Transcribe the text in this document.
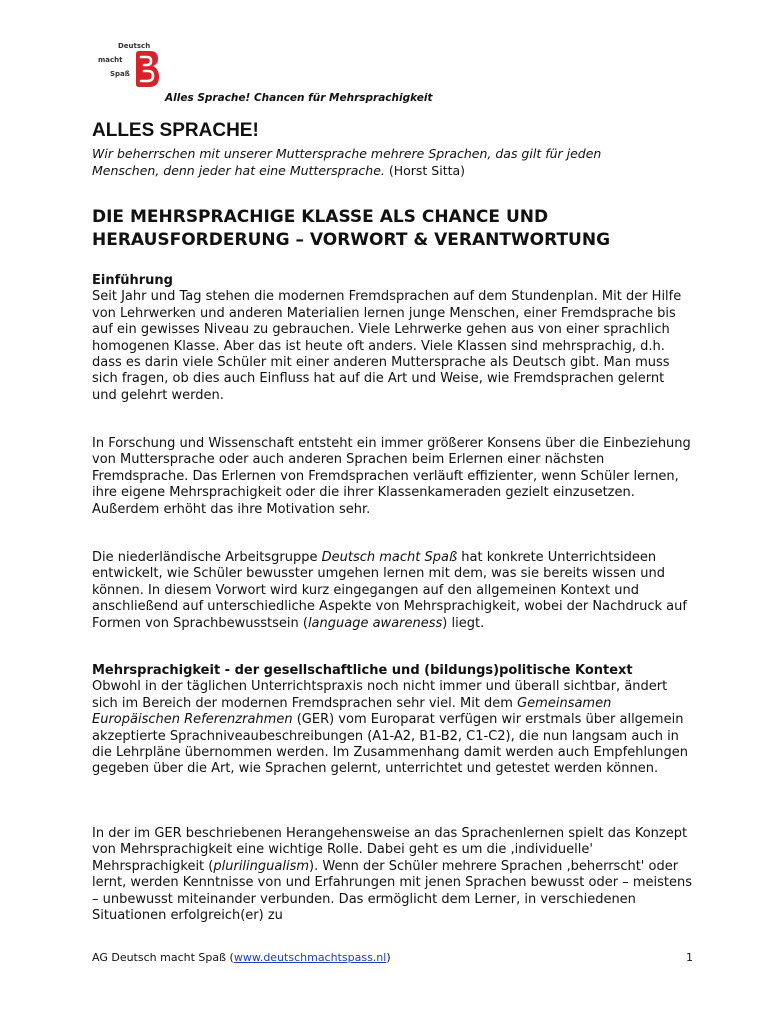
Deutsch
macht
Spaß
Alles Sprache! Chancen für Mehrsprachigkeit
ALLES SPRACHE!
Wir beherrschen mit unserer Muttersprache mehrere Sprachen, das gilt für jeden Menschen, denn jeder hat eine Muttersprache. (Horst Sitta)
DIE MEHRSPRACHIGE KLASSE ALS CHANCE UND
HERAUSFORDERUNG – VORWORT & VERANTWORTUNG

Einführung

Seit Jahr und Tag stehen die modernen Fremdsprachen auf dem Stundenplan. Mit der Hilfe von Lehrwerken und anderen Materialien lernen junge Menschen, einer Fremdsprache bis auf ein gewisses Niveau zu gebrauchen. Viele Lehrwerke gehen aus von einer sprachlich homogenen Klasse. Aber das ist heute oft anders. Viele Klassen sind mehrsprachig, d.h. dass es darin viele Schüler mit einer anderen Muttersprache als Deutsch gibt. Man muss sich fragen, ob dies auch Einfluss hat auf die Art und Weise, wie Fremdsprachen gelernt und gelehrt werden.

In Forschung und Wissenschaft entsteht ein immer größerer Konsens über die Einbeziehung von Muttersprache oder auch anderen Sprachen beim Erlernen einer nächsten Fremdsprache. Das Erlernen von Fremdsprachen verläuft effizienter, wenn Schüler lernen, ihre eigene Mehrsprachigkeit oder die ihrer Klassenkameraden gezielt einzusetzen. Außerdem erhöht das ihre Motivation sehr.

Die niederländische Arbeitsgruppe Deutsch macht Spaß hat konkrete Unterrichtsideen entwickelt, wie Schüler bewusster umgehen lernen mit dem, was sie bereits wissen und können. In diesem Vorwort wird kurz eingegangen auf den allgemeinen Kontext und anschließend auf unterschiedliche Aspekte von Mehrsprachigkeit, wobei der Nachdruck auf Formen von Sprachbewusstsein (language awareness) liegt.

Mehrsprachigkeit - der gesellschaftliche und (bildungs)politische Kontext

Obwohl in der täglichen Unterrichtspraxis noch nicht immer und überall sichtbar, ändert sich im Bereich der modernen Fremdsprachen sehr viel. Mit dem Gemeinsamen Europäischen Referenzrahmen (GER) vom Europarat verfügen wir erstmals über allgemein akzeptierte Sprachniveaubeschreibungen (A1-A2, B1-B2, C1-C2), die nun langsam auch in die Lehrpläne übernommen werden. Im Zusammenhang damit werden auch Empfehlungen gegeben über die Art, wie Sprachen gelernt, unterrichtet und getestet werden können.

In der im GER beschriebenen Herangehensweise an das Sprachenlernen spielt das Konzept von Mehrsprachigkeit eine wichtige Rolle. Dabei geht es um die ‚individuelle' Mehrsprachigkeit (plurilingualism). Wenn der Schüler mehrere Sprachen ‚beherrscht' oder lernt, werden Kenntnisse von und Erfahrungen mit jenen Sprachen bewusst oder – meistens – unbewusst miteinander verbunden. Das ermöglicht dem Lerner, in verschiedenen Situationen erfolgreich(er) zu

AG Deutsch macht Spaß (www.deutschmachtspass.nl)	1
